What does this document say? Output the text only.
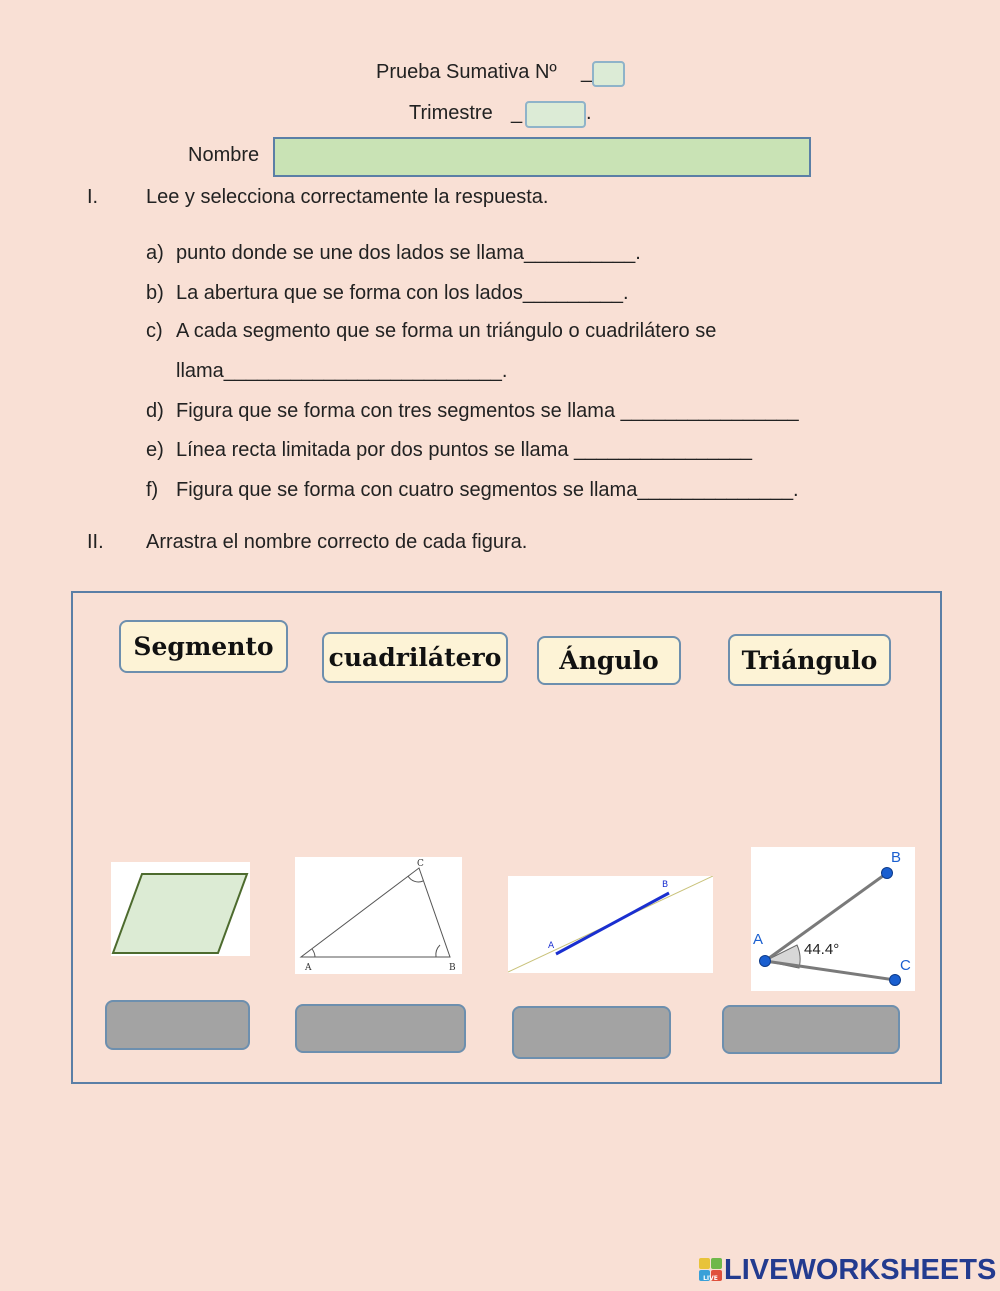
Prueba Sumativa Nº _
Trimestre _	.
Nombre
I. Lee y selecciona correctamente la respuesta.
a) punto donde se une dos lados se llama__________.
b) La abertura que se forma con los lados_________.
c) A cada segmento que se forma un triángulo o cuadrilátero se
llama_________________________.
d) Figura que se forma con tres segmentos se llama ________________
e) Línea recta limitada por dos puntos se llama ________________
f) Figura que se forma con cuatro segmentos se llama______________.
II. Arrastra el nombre correcto de cada figura.
Segmento	cuadrilátero	Ángulo	Triángulo
C
A	B
A
B
A
B
C
44.4°
LIVE LIVEWORKSHEETS
